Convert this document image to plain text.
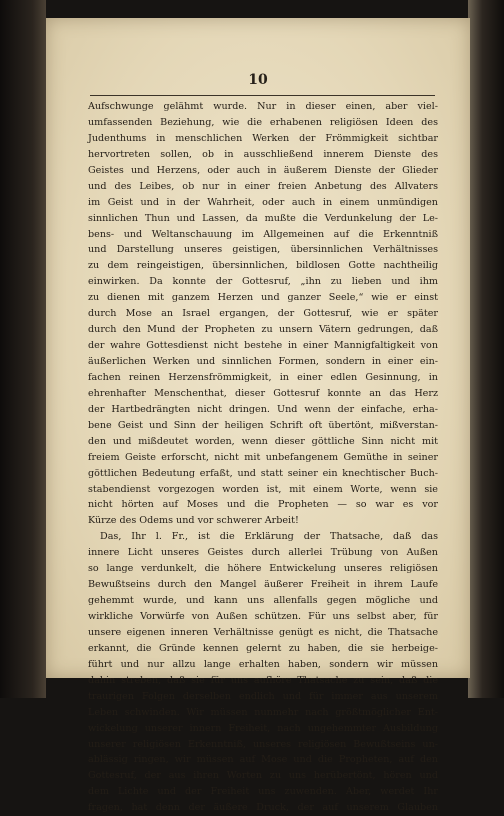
10
Aufschwunge gelähmt wurde. Nur in dieser einen, aber viel-
umfassenden Beziehung, wie die erhabenen religiösen Ideen des
Judenthums in menschlichen Werken der Frömmigkeit sichtbar
hervortreten sollen, ob in ausschließend innerem Dienste des
Geistes und Herzens, oder auch in äußerem Dienste der Glieder
und des Leibes, ob nur in einer freien Anbetung des Allvaters
im Geist und in der Wahrheit, oder auch in einem unmündigen
sinnlichen Thun und Lassen, da mußte die Verdunkelung der Le-
bens- und Weltanschauung im Allgemeinen auf die Erkenntniß
und Darstellung unseres geistigen, übersinnlichen Verhältnisses
zu dem reingeistigen, übersinnlichen, bildlosen Gotte nachtheilig
einwirken. Da konnte der Gottesruf, „ihn zu lieben und ihm
zu dienen mit ganzem Herzen und ganzer Seele,“ wie er einst
durch Mose an Israel ergangen, der Gottesruf, wie er später
durch den Mund der Propheten zu unsern Vätern gedrungen, daß
der wahre Gottesdienst nicht bestehe in einer Mannigfaltigkeit von
äußerlichen Werken und sinnlichen Formen, sondern in einer ein-
fachen reinen Herzensfrömmigkeit, in einer edlen Gesinnung, in
ehrenhafter Menschenthat, dieser Gottesruf konnte an das Herz
der Hartbedrängten nicht dringen. Und wenn der einfache, erha-
bene Geist und Sinn der heiligen Schrift oft übertönt, mißverstan-
den und mißdeutet worden, wenn dieser göttliche Sinn nicht mit
freiem Geiste erforscht, nicht mit unbefangenem Gemüthe in seiner
göttlichen Bedeutung erfaßt, und statt seiner ein knechtischer Buch-
stabendienst vorgezogen worden ist, mit einem Worte, wenn sie
nicht hörten auf Moses und die Propheten — so war es vor
Kürze des Odems und vor schwerer Arbeit!
Das, Ihr l. Fr., ist die Erklärung der Thatsache, daß das
innere Licht unseres Geistes durch allerlei Trübung von Außen
so lange verdunkelt, die höhere Entwickelung unseres religiösen
Bewußtseins durch den Mangel äußerer Freiheit in ihrem Laufe
gehemmt wurde, und kann uns allenfalls gegen mögliche und
wirkliche Vorwürfe von Außen schützen. Für uns selbst aber, für
unsere eigenen inneren Verhältnisse genügt es nicht, die Thatsache
erkannt, die Gründe kennen gelernt zu haben, die sie herbeige-
führt und nur allzu lange erhalten haben, sondern wir müssen
dahin streben, daß sie für uns aufhöre Thatsache zu sein, daß die
traurigen Folgen derselben endlich und für immer aus unserem
Leben schwinden. Wir müssen nunmehr nach größtmöglicher Ent-
wickelung unserer innern Freiheit, nach ungehemmter Ausbildung
unserer religiösen Erkenntniß, unseres religiösen Bewußtseins un-
ablässig ringen, wir müssen auf Mose und die Propheten, auf den
Gottesruf, der aus ihren Worten zu uns herübertönt, hören und
dem Lichte und der Freiheit uns zuwenden. Aber, werdet Ihr
fragen, hat denn der äußere Druck, der auf unserem Glauben
